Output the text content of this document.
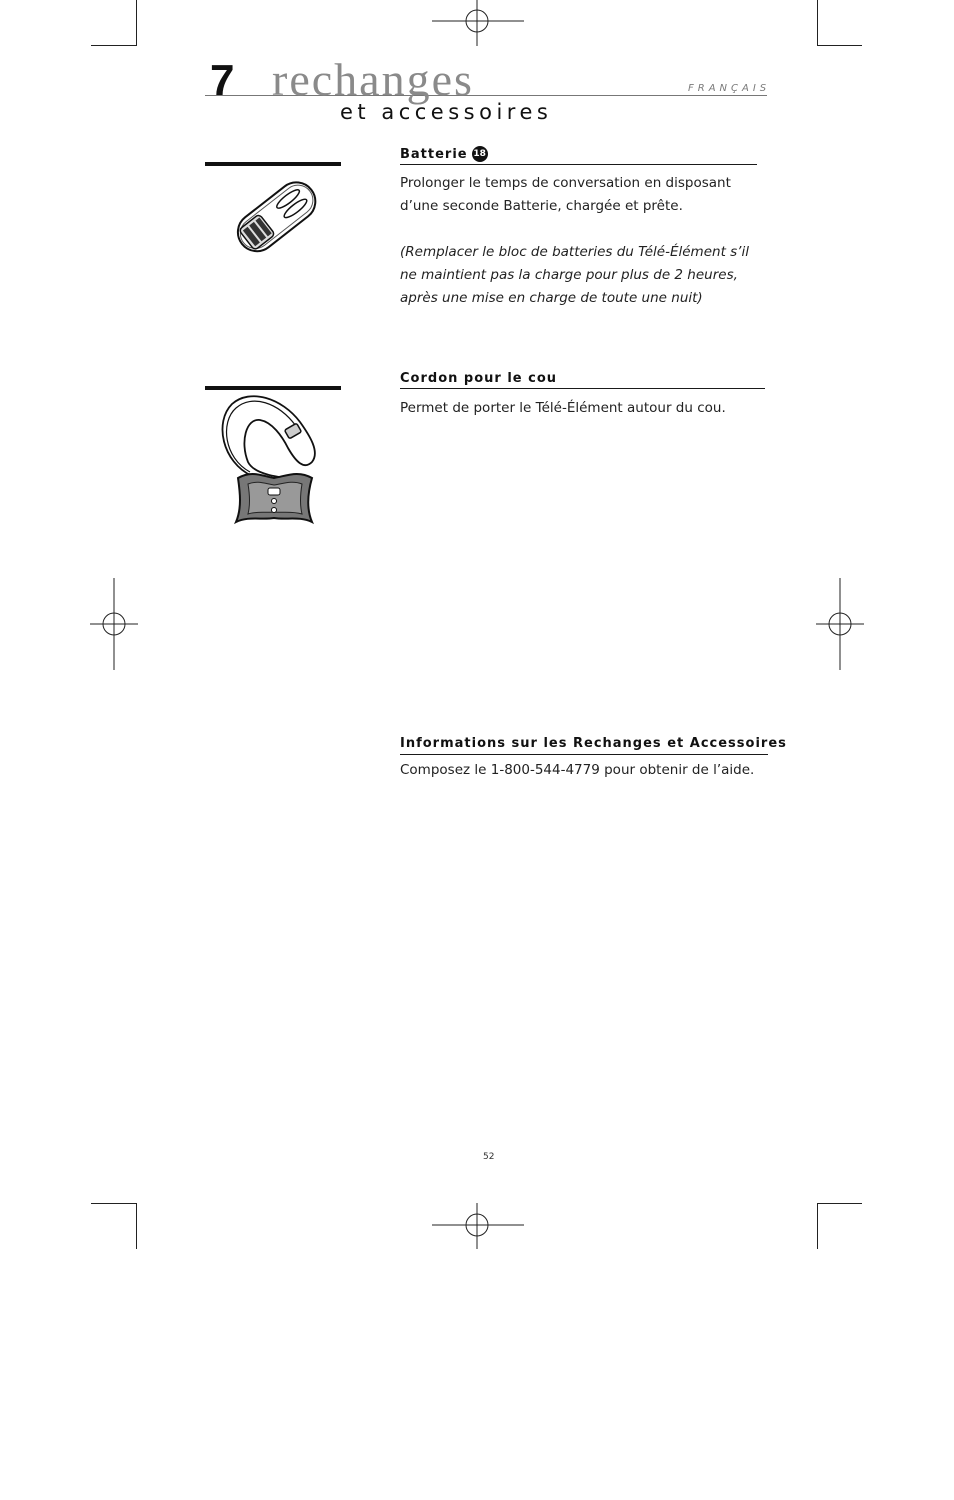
7 rechanges
et accessoires
FRANÇAIS
Batterie 18
Prolonger le temps de conversation en disposant d’une seconde Batterie, chargée et prête.
(Remplacer le bloc de batteries du Télé-Élément s’il ne maintient pas la charge pour plus de 2 heures, après une mise en charge de toute une nuit)
Cordon pour le cou
Permet de porter le Télé-Élément autour du cou.
Informations sur les Rechanges et Accessoires
Composez le 1-800-544-4779 pour obtenir de l’aide.
52
